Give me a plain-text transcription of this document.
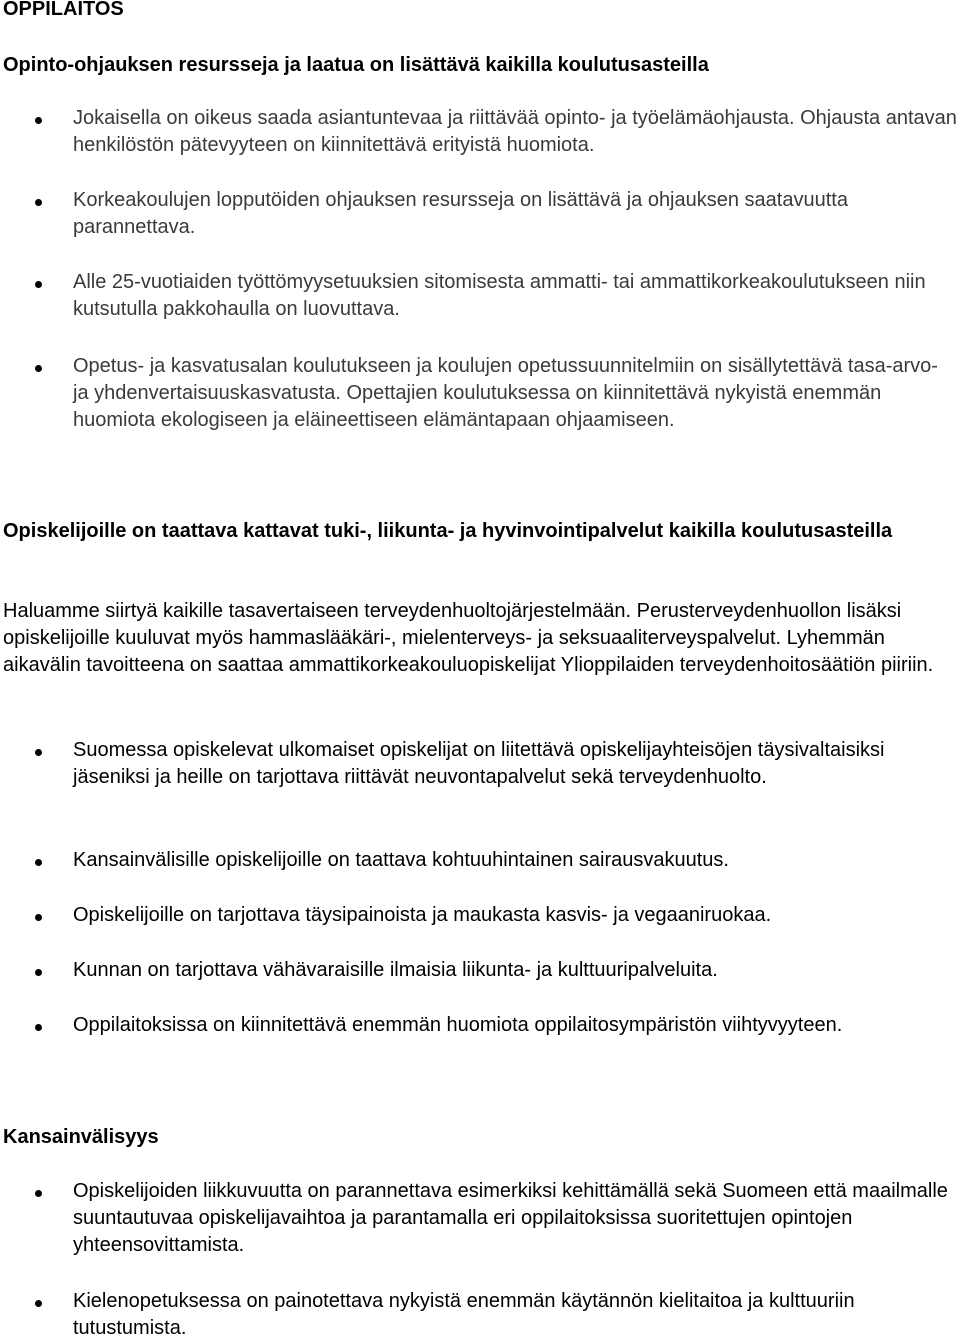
OPPILAITOS
Opinto-ohjauksen resursseja ja laatua on lisättävä kaikilla koulutusasteilla

Jokaisella on oikeus saada asiantuntevaa ja riittävää opinto- ja työelämäohjausta. Ohjausta antavan henkilöstön pätevyyteen on kiinnitettävä erityistä huomiota.

Korkeakoulujen lopputöiden ohjauksen resursseja on lisättävä ja ohjauksen saatavuutta parannettava.

Alle 25-vuotiaiden työttömyysetuuksien sitomisesta ammatti- tai ammattikorkeakoulutukseen niin kutsutulla pakkohaulla on luovuttava.

Opetus- ja kasvatusalan koulutukseen ja koulujen opetussuunnitelmiin on sisällytettävä tasa-arvo- ja yhdenvertaisuuskasvatusta. Opettajien koulutuksessa on kiinnitettävä nykyistä enemmän huomiota ekologiseen ja eläineettiseen elämäntapaan ohjaamiseen.

Opiskelijoille on taattava kattavat tuki-, liikunta- ja hyvinvointipalvelut kaikilla koulutusasteilla

Haluamme siirtyä kaikille tasavertaiseen terveydenhuoltojärjestelmään. Perusterveydenhuollon lisäksi opiskelijoille kuuluvat myös hammaslääkäri-, mielenterveys- ja seksuaaliterveyspalvelut. Lyhemmän aikavälin tavoitteena on saattaa ammattikorkeakouluopiskelijat Ylioppilaiden terveydenhoitosäätiön piiriin.

Suomessa opiskelevat ulkomaiset opiskelijat on liitettävä opiskelijayhteisöjen täysivaltaisiksi jäseniksi ja heille on tarjottava riittävät neuvontapalvelut sekä terveydenhuolto.

Kansainvälisille opiskelijoille on taattava kohtuuhintainen sairausvakuutus.

Opiskelijoille on tarjottava täysipainoista ja maukasta kasvis- ja vegaaniruokaa.

Kunnan on tarjottava vähävaraisille ilmaisia liikunta- ja kulttuuripalveluita.

Oppilaitoksissa on kiinnitettävä enemmän huomiota oppilaitosympäristön viihtyvyyteen.

Kansainvälisyys

Opiskelijoiden liikkuvuutta on parannettava esimerkiksi kehittämällä sekä Suomeen että maailmalle suuntautuvaa opiskelijavaihtoa ja parantamalla eri oppilaitoksissa suoritettujen opintojen yhteensovittamista.

Kielenopetuksessa on painotettava nykyistä enemmän käytännön kielitaitoa ja kulttuuriin tutustumista.
